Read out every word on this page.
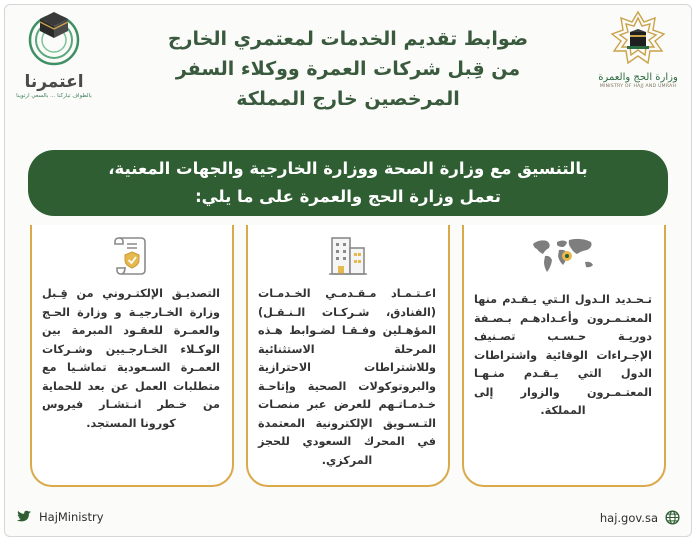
وزارة الحج والعمرة
MINISTRY OF HAJJ AND UMRAH
اعتمرنا
بالطواف تباركنا ... بالسعي ارتوينا
ضوابط تقديم الخدمات لمعتمري الخارج
من قِبل شركات العمرة ووكلاء السفر
المرخصين خارج المملكة
بالتنسيق مع وزارة الصحة ووزارة الخارجية والجهات المعنية،
تعمل وزارة الحج والعمرة على ما يلي:
التصديـق الإلكتـروني من قِـبل وزارة الخـارجيـة و وزارة الحـج والعمـرة للعقـود المبرمة بين الوكـلاء الخـارجـيين وشـركات العمـرة السـعودية تماشـيا مع متطلبات العمل عن بعد للحماية من خـطر انـتشـار فيروس كورونا المستجد.
اعـتـمـاد مـقـدمـي الخـدمـات (الفنادق، شـركـات الـنـقـل) المؤهـلين وفـقـا لضـوابط هـذه المرحلة الاستثنائية وللاشتراطات الاحترازية والبروتوكولات الصحية وإتاحـة خـدمـاتـهم للعرض عبر منصـات التـسـويق الإلكترونية المعتمدة في المحرك السعودي للحجز المركزي.
تـحـديد الـدول الـتي يـقـدم منها المعتـمـرون وأعـدادهـم بـصـفة دوريـة حـسـب تصـنيف الإجـراءات الوقائية واشتراطات الدول التي يـقـدم منـهـا المعتـمـرون والزوار إلى المملكة.
HajMinistry	haj.gov.sa
